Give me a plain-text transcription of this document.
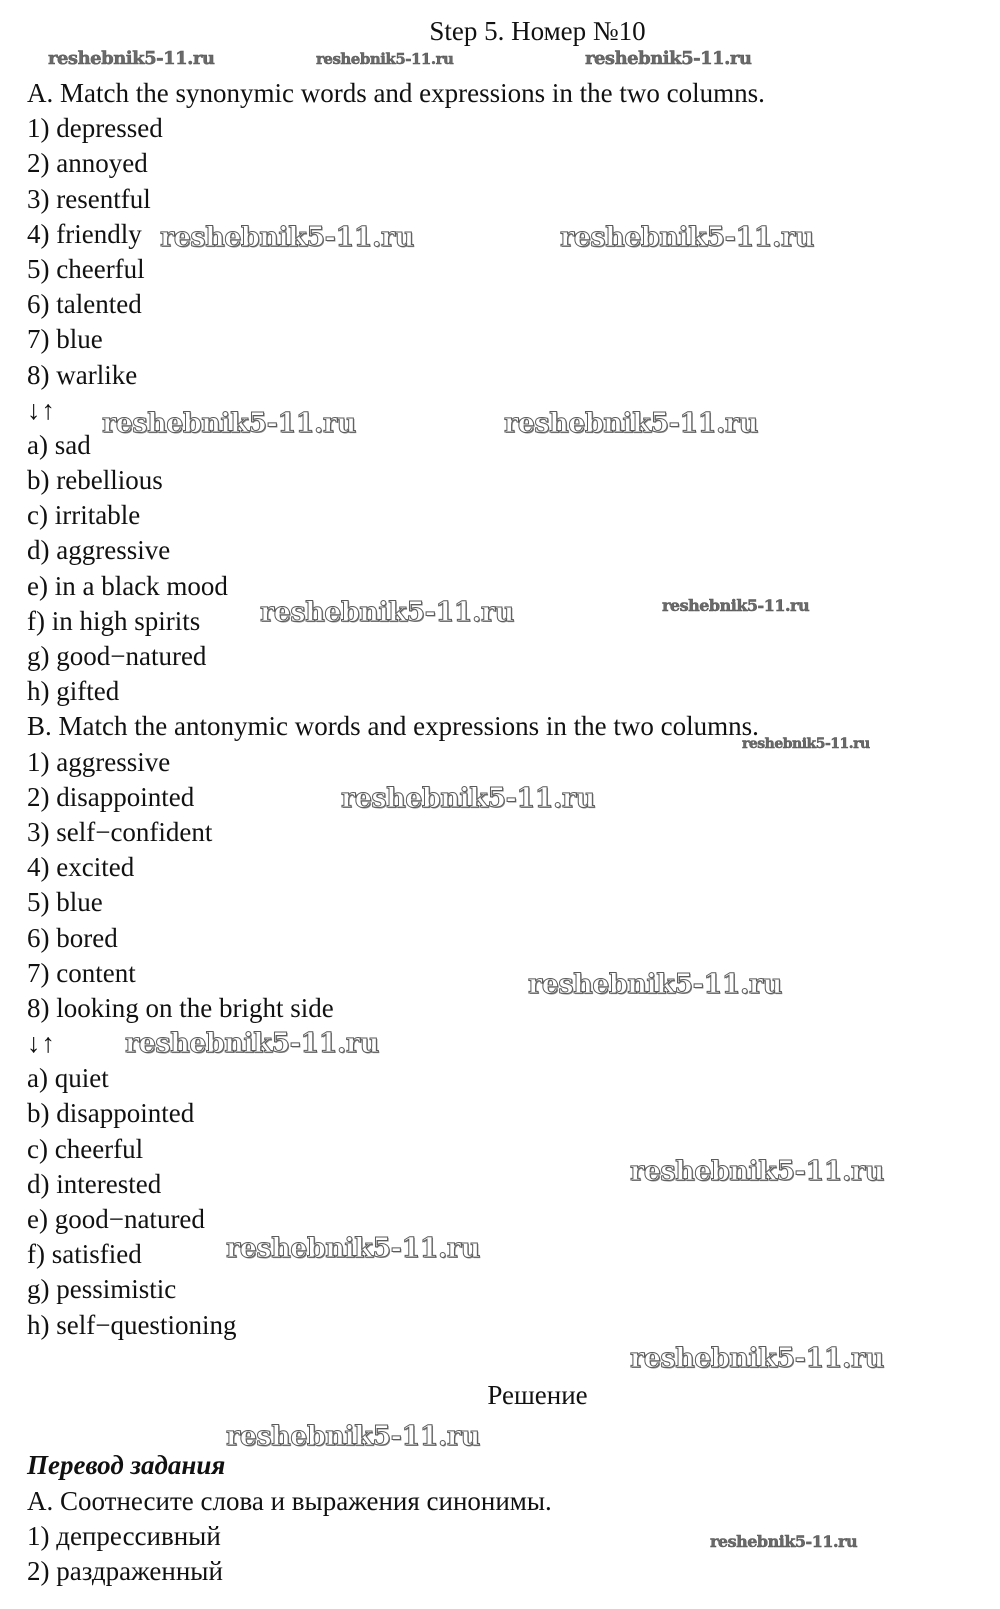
Step 5. Номер №10
A. Match the synonymic words and expressions in the two columns.
1) depressed
2) annoyed
3) resentful
4) friendly
5) cheerful
6) talented
7) blue
8) warlike
↓↑
a) sad
b) rebellious
c) irritable
d) aggressive
e) in a black mood
f) in high spirits
g) good−natured
h) gifted
B. Match the antonymic words and expressions in the two columns.
1) aggressive
2) disappointed
3) self−confident
4) excited
5) blue
6) bored
7) content
8) looking on the bright side
↓↑
a) quiet
b) disappointed
c) cheerful
d) interested
e) good−natured
f) satisfied
g) pessimistic
h) self−questioning
Решение
Перевод задания
A. Соотнесите слова и выражения синонимы.
1) депрессивный
2) раздраженный
reshebnik5-11.ru	reshebnik5-11.ru	reshebnik5-11.ru
reshebnik5-11.ru	reshebnik5-11.ru
reshebnik5-11.ru	reshebnik5-11.ru
reshebnik5-11.ru	reshebnik5-11.ru
reshebnik5-11.ru
reshebnik5-11.ru
reshebnik5-11.ru
reshebnik5-11.ru
reshebnik5-11.ru
reshebnik5-11.ru
reshebnik5-11.ru
reshebnik5-11.ru
reshebnik5-11.ru
